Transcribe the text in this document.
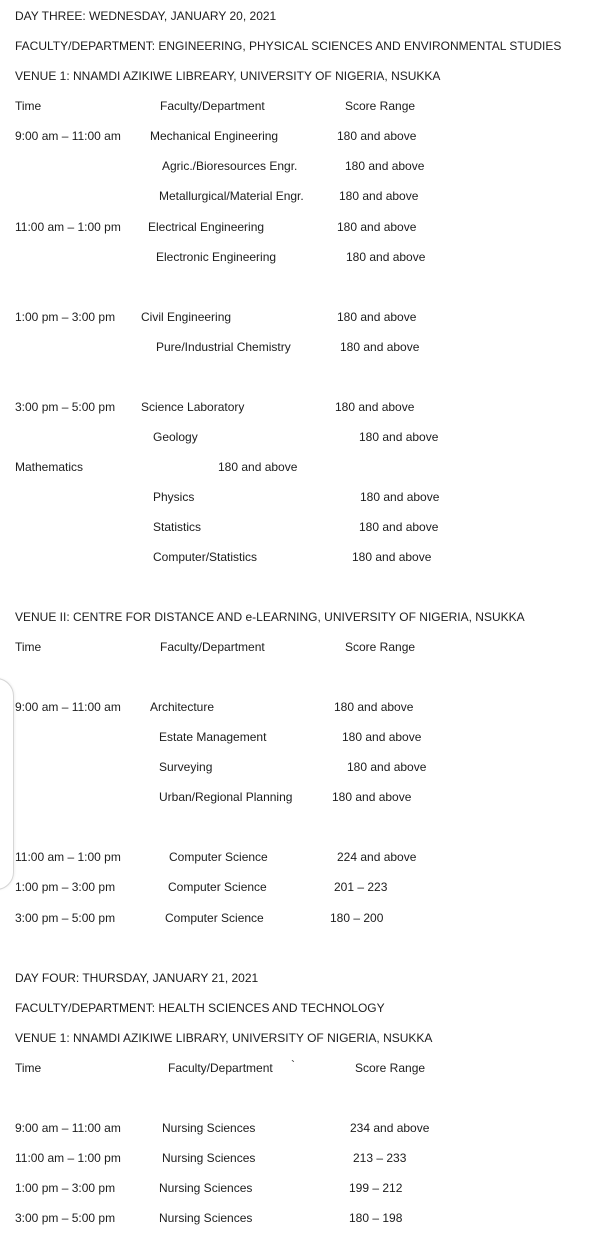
DAY THREE: WEDNESDAY, JANUARY 20, 2021
FACULTY/DEPARTMENT: ENGINEERING, PHYSICAL SCIENCES AND ENVIRONMENTAL STUDIES
VENUE 1: NNAMDI AZIKIWE LIBREARY, UNIVERSITY OF NIGERIA, NSUKKA
Time	Faculty/Department	Score Range
9:00 am – 11:00 am Mechanical Engineering	180 and above
Agric./Bioresources Engr.	180 and above
Metallurgical/Material Engr.	180 and above
11:00 am – 1:00 pm Electrical Engineering	180 and above
Electronic Engineering	180 and above
1:00 pm – 3:00 pm Civil Engineering	180 and above
Pure/Industrial Chemistry	180 and above
3:00 pm – 5:00 pm Science Laboratory	180 and above
Geology	180 and above
Mathematics	180 and above
Physics	180 and above
Statistics	180 and above
Computer/Statistics	180 and above
VENUE II: CENTRE FOR DISTANCE AND e-LEARNING, UNIVERSITY OF NIGERIA, NSUKKA
Time	Faculty/Department	Score Range
9:00 am – 11:00 am Architecture	180 and above
Estate Management	180 and above
Surveying	180 and above
Urban/Regional Planning	180 and above
11:00 am – 1:00 pm	Computer Science	224 and above
1:00 pm – 3:00 pm	Computer Science	201 – 223
3:00 pm – 5:00 pm	Computer Science	180 – 200
DAY FOUR: THURSDAY, JANUARY 21, 2021
FACULTY/DEPARTMENT: HEALTH SCIENCES AND TECHNOLOGY
VENUE 1: NNAMDI AZIKIWE LIBRARY, UNIVERSITY OF NIGERIA, NSUKKA
Time	Faculty/Department `	Score Range
9:00 am – 11:00 am	Nursing Sciences	234 and above
11:00 am – 1:00 pm	Nursing Sciences	213 – 233
1:00 pm – 3:00 pm	Nursing Sciences	199 – 212
3:00 pm – 5:00 pm	Nursing Sciences	180 – 198
